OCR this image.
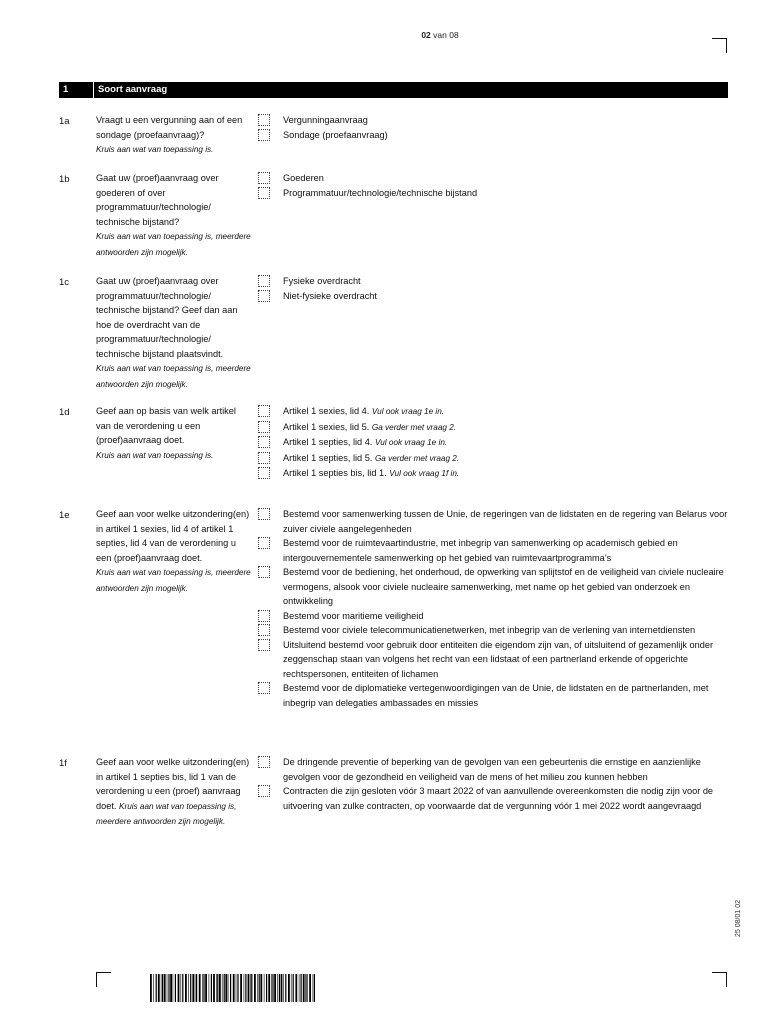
02 van 08
1	Soort aanvraag
1a	Vraagt u een vergunning aan of een sondage (proefaanvraag)?
Kruis aan wat van toepassing is.
Vergunningaanvraag
Sondage (proefaanvraag)
1b	Gaat uw (proef)aanvraag over goederen of over programmatuur/technologie/ technische bijstand?
Kruis aan wat van toepassing is, meerdere antwoorden zijn mogelijk.
Goederen
Programmatuur/technologie/technische bijstand
1c	Gaat uw (proef)aanvraag over programmatuur/technologie/ technische bijstand? Geef dan aan hoe de overdracht van de programmatuur/technologie/ technische bijstand plaatsvindt.
Kruis aan wat van toepassing is, meerdere antwoorden zijn mogelijk.
Fysieke overdracht
Niet-fysieke overdracht
1d	Geef aan op basis van welk artikel van de verordening u een (proef)aanvraag doet.
Kruis aan wat van toepassing is.
Artikel 1 sexies, lid 4. Vul ook vraag 1e in.
Artikel 1 sexies, lid 5. Ga verder met vraag 2.
Artikel 1 septies, lid 4. Vul ook vraag 1e in.
Artikel 1 septies, lid 5. Ga verder met vraag 2.
Artikel 1 septies bis, lid 1. Vul ook vraag 1f in.
1e	Geef aan voor welke uitzondering(en) in artikel 1 sexies, lid 4 of artikel 1 septies, lid 4 van de verordening u een (proef)aanvraag doet.
Kruis aan wat van toepassing is, meerdere antwoorden zijn mogelijk.
Bestemd voor samenwerking tussen de Unie, de regeringen van de lidstaten en de regering van Belarus voor zuiver civiele aangelegenheden
Bestemd voor de ruimtevaartindustrie, met inbegrip van samenwerking op academisch gebied en intergouvernementele samenwerking op het gebied van ruimtevaartprogramma’s
Bestemd voor de bediening, het onderhoud, de opwerking van splijtstof en de veiligheid van civiele nucleaire vermogens, alsook voor civiele nucleaire samenwerking, met name op het gebied van onderzoek en ontwikkeling
Bestemd voor maritieme veiligheid
Bestemd voor civiele telecommunicatienetwerken, met inbegrip van de verlening van internetdiensten
Uitsluitend bestemd voor gebruik door entiteiten die eigendom zijn van, of uitsluitend of gezamenlijk onder zeggenschap staan van volgens het recht van een lidstaat of een partnerland erkende of opgerichte rechtspersonen, entiteiten of lichamen
Bestemd voor de diplomatieke vertegenwoordigingen van de Unie, de lidstaten en de partnerlanden, met inbegrip van delegaties ambassades en missies
1f	Geef aan voor welke uitzondering(en) in artikel 1 septies bis, lid 1 van de verordening u een (proef) aanvraag doet. Kruis aan wat van toepassing is, meerdere antwoorden zijn mogelijk.
De dringende preventie of beperking van de gevolgen van een gebeurtenis die ernstige en aanzienlijke gevolgen voor de gezondheid en veiligheid van de mens of het milieu zou kunnen hebben
Contracten die zijn gesloten vóór 3 maart 2022 of van aanvullende overeenkomsten die nodig zijn voor de uitvoering van zulke contracten, op voorwaarde dat de vergunning vóór 1 mei 2022 wordt aangevraagd
25 08/01 02
